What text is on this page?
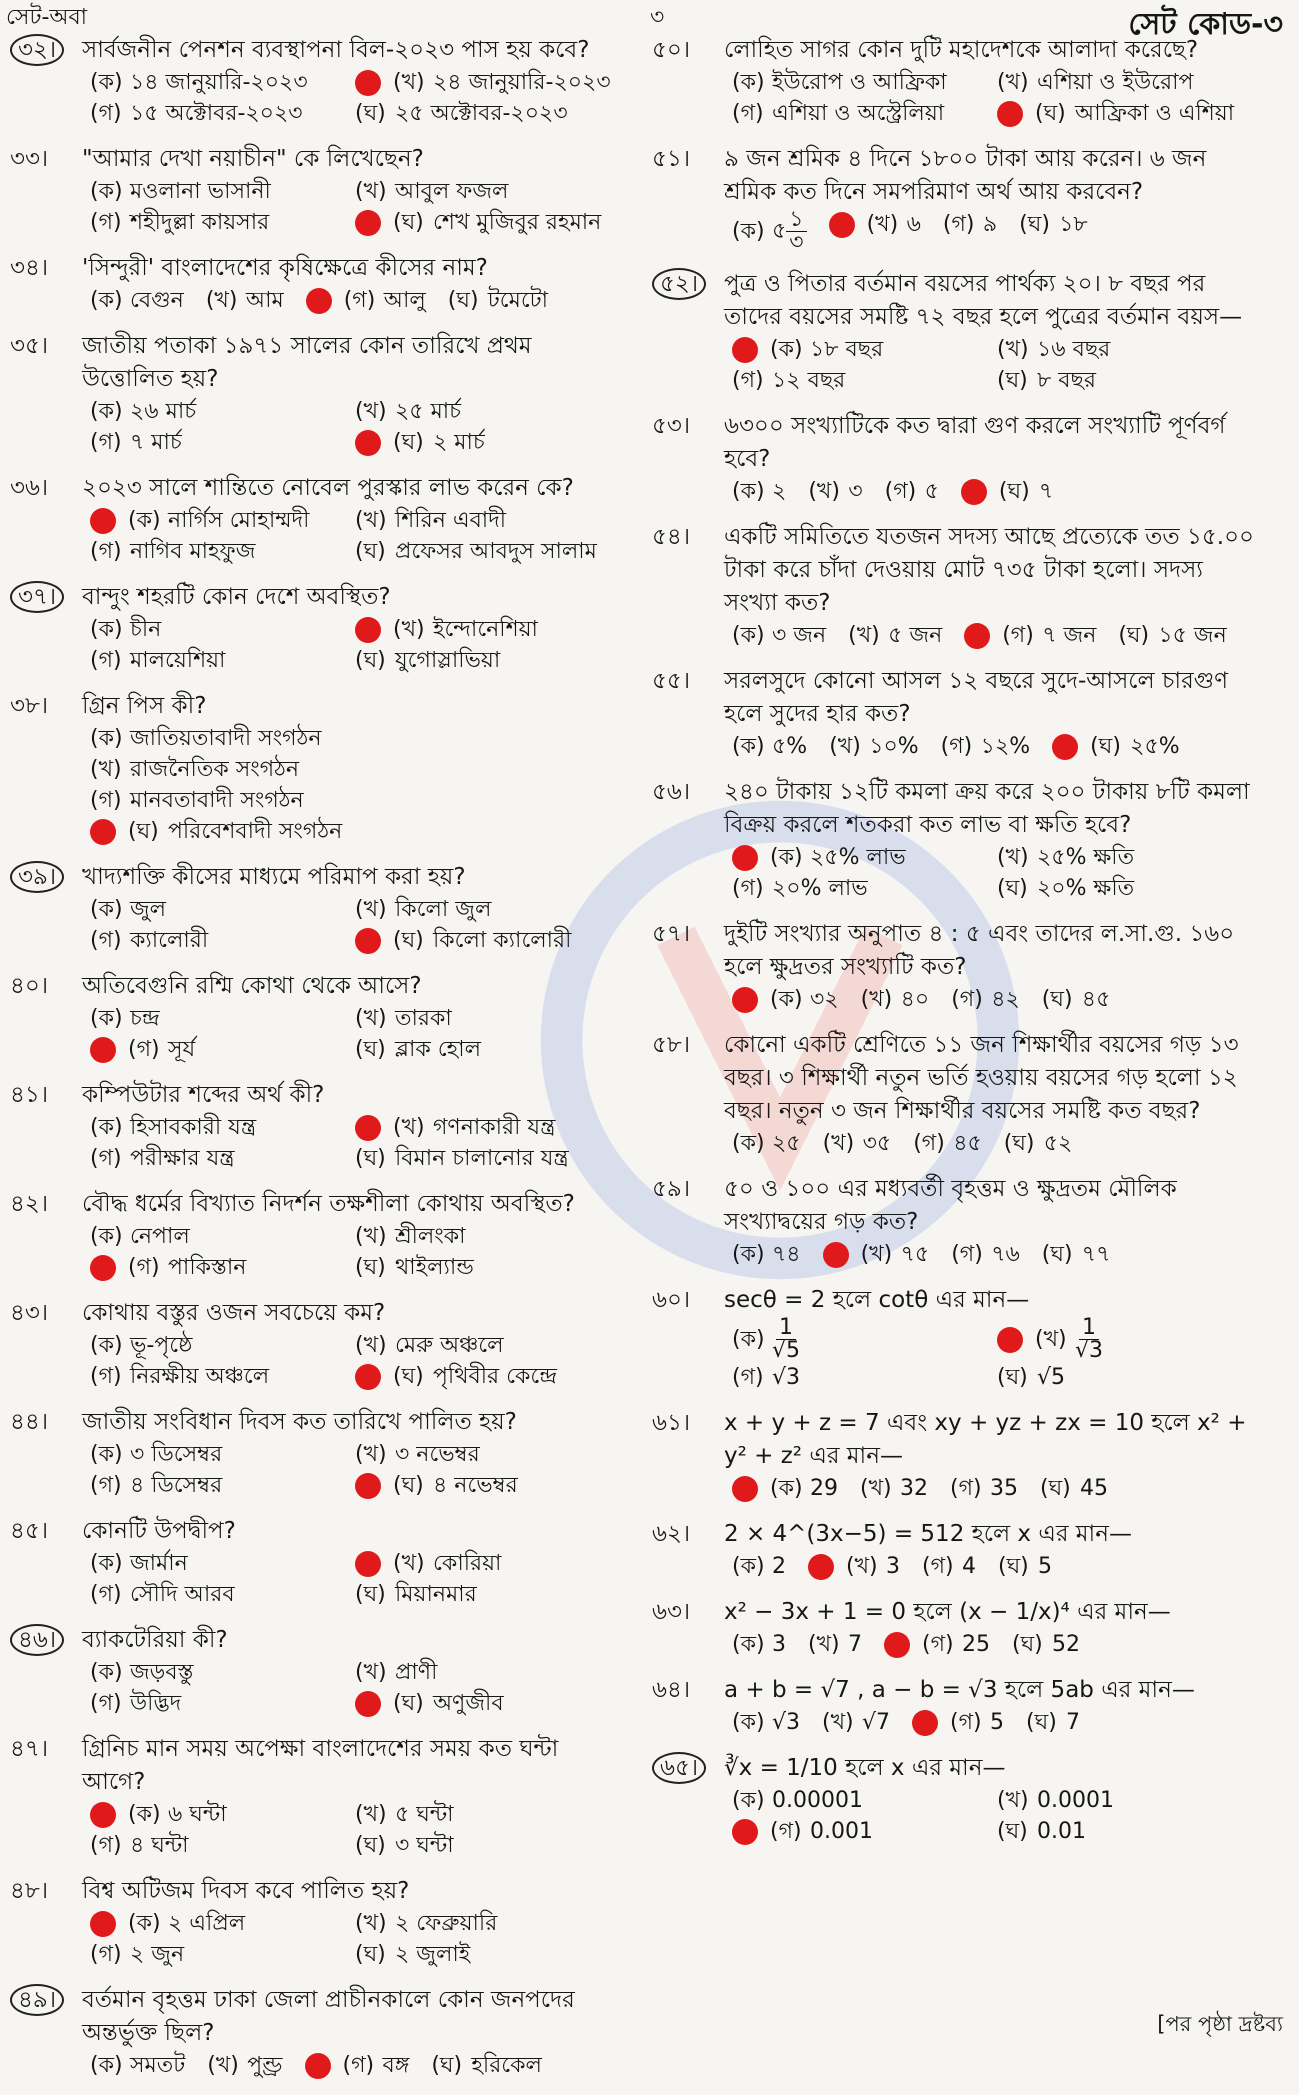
সেট-অবা	৩	সেট কোড-৩
৩২।	সার্বজনীন পেনশন ব্যবস্থাপনা বিল-২০২৩ পাস হয় কবে?
(ক) ১৪ জানুয়ারি-২০২৩	(খ) ২৪ জানুয়ারি-২০২৩
(গ) ১৫ অক্টোবর-২০২৩	(ঘ) ২৫ অক্টোবর-২০২৩
৩৩।	"আমার দেখা নয়াচীন" কে লিখেছেন?
(ক) মওলানা ভাসানী	(খ) আবুল ফজল
(গ) শহীদুল্লা কায়সার	(ঘ) শেখ মুজিবুর রহমান
৩৪।	'সিন্দুরী' বাংলাদেশের কৃষিক্ষেত্রে কীসের নাম?
(ক) বেগুন (খ) আম	(গ) আলু (ঘ) টমেটো
৩৫।	জাতীয় পতাকা ১৯৭১ সালের কোন তারিখে প্রথম উত্তোলিত হয়?
(ক) ২৬ মার্চ	(খ) ২৫ মার্চ
(গ) ৭ মার্চ	(ঘ) ২ মার্চ
৩৬।	২০২৩ সালে শান্তিতে নোবেল পুরস্কার লাভ করেন কে?
(ক) নার্গিস মোহাম্মদী	(খ) শিরিন এবাদী
(গ) নাগিব মাহফুজ	(ঘ) প্রফেসর আবদুস সালাম
৩৭।	বান্দুং শহরটি কোন দেশে অবস্থিত?
(ক) চীন	(খ) ইন্দোনেশিয়া
(গ) মালয়েশিয়া	(ঘ) যুগোস্লাভিয়া
৩৮।	গ্রিন পিস কী?
(ক) জাতিয়তাবাদী সংগঠন
(খ) রাজনৈতিক সংগঠন
(গ) মানবতাবাদী সংগঠন
(ঘ) পরিবেশবাদী সংগঠন
৩৯।	খাদ্যশক্তি কীসের মাধ্যমে পরিমাপ করা হয়?
(ক) জুল	(খ) কিলো জুল
(গ) ক্যালোরী	(ঘ) কিলো ক্যালোরী
৪০।	অতিবেগুনি রশ্মি কোথা থেকে আসে?
(ক) চন্দ্র	(খ) তারকা
(গ) সূর্য	(ঘ) ব্লাক হোল
৪১।	কম্পিউটার শব্দের অর্থ কী?
(ক) হিসাবকারী যন্ত্র	(খ) গণনাকারী যন্ত্র
(গ) পরীক্ষার যন্ত্র	(ঘ) বিমান চালানোর যন্ত্র
৪২।	বৌদ্ধ ধর্মের বিখ্যাত নিদর্শন তক্ষশীলা কোথায় অবস্থিত?
(ক) নেপাল	(খ) শ্রীলংকা
(গ) পাকিস্তান	(ঘ) থাইল্যান্ড
৪৩।	কোথায় বস্তুর ওজন সবচেয়ে কম?
(ক) ভূ-পৃষ্ঠে	(খ) মেরু অঞ্চলে
(গ) নিরক্ষীয় অঞ্চলে	(ঘ) পৃথিবীর কেন্দ্রে
৪৪।	জাতীয় সংবিধান দিবস কত তারিখে পালিত হয়?
(ক) ৩ ডিসেম্বর	(খ) ৩ নভেম্বর
(গ) ৪ ডিসেম্বর	(ঘ) ৪ নভেম্বর
৪৫।	কোনটি উপদ্বীপ?
(ক) জার্মান	(খ) কোরিয়া
(গ) সৌদি আরব	(ঘ) মিয়ানমার
৪৬।	ব্যাকটেরিয়া কী?
(ক) জড়বস্তু	(খ) প্রাণী
(গ) উদ্ভিদ	(ঘ) অণুজীব
৪৭।	গ্রিনিচ মান সময় অপেক্ষা বাংলাদেশের সময় কত ঘন্টা আগে?
(ক) ৬ ঘন্টা	(খ) ৫ ঘন্টা
(গ) ৪ ঘন্টা	(ঘ) ৩ ঘন্টা
৪৮।	বিশ্ব অটিজম দিবস কবে পালিত হয়?
(ক) ২ এপ্রিল	(খ) ২ ফেব্রুয়ারি
(গ) ২ জুন	(ঘ) ২ জুলাই
৪৯।	বর্তমান বৃহত্তম ঢাকা জেলা প্রাচীনকালে কোন জনপদের অন্তর্ভুক্ত ছিল?
(ক) সমতট (খ) পুণ্ড্র	(গ) বঙ্গ (ঘ) হরিকেল
৫০।	লোহিত সাগর কোন দুটি মহাদেশকে আলাদা করেছে?
(ক) ইউরোপ ও আফ্রিকা	(খ) এশিয়া ও ইউরোপ
(গ) এশিয়া ও অস্ট্রেলিয়া	(ঘ) আফ্রিকা ও এশিয়া
৫১।	৯ জন শ্রমিক ৪ দিনে ১৮০০ টাকা আয় করেন। ৬ জন শ্রমিক কত দিনে সমপরিমাণ অর্থ আয় করবেন?
(ক) ৫ $\frac{১}{৩}$	(খ) ৬ (গ) ৯ (ঘ) ১৮
৫২।	পুত্র ও পিতার বর্তমান বয়সের পার্থক্য ২০। ৮ বছর পর তাদের বয়সের সমষ্টি ৭২ বছর হলে পুত্রের বর্তমান বয়স—
(ক) ১৮ বছর	(খ) ১৬ বছর
(গ) ১২ বছর	(ঘ) ৮ বছর
৫৩।	৬৩০০ সংখ্যাটিকে কত দ্বারা গুণ করলে সংখ্যাটি পূর্ণবর্গ হবে?
(ক) ২ (খ) ৩ (গ) ৫	(ঘ) ৭
৫৪।	একটি সমিতিতে যতজন সদস্য আছে প্রত্যেকে তত ১৫.০০ টাকা করে চাঁদা দেওয়ায় মোট ৭৩৫ টাকা হলো। সদস্য সংখ্যা কত?
(ক) ৩ জন (খ) ৫ জন	(গ) ৭ জন (ঘ) ১৫ জন
৫৫।	সরলসুদে কোনো আসল ১২ বছরে সুদে-আসলে চারগুণ হলে সুদের হার কত?
(ক) ৫% (খ) ১০% (গ) ১২%	(ঘ) ২৫%
৫৬।	২৪০ টাকায় ১২টি কমলা ক্রয় করে ২০০ টাকায় ৮টি কমলা বিক্রয় করলে শতকরা কত লাভ বা ক্ষতি হবে?
(ক) ২৫% লাভ	(খ) ২৫% ক্ষতি
(গ) ২০% লাভ	(ঘ) ২০% ক্ষতি
৫৭।	দুইটি সংখ্যার অনুপাত ৪ : ৫ এবং তাদের ল.সা.গু. ১৬০ হলে ক্ষুদ্রতর সংখ্যাটি কত?
(ক) ৩২ (খ) ৪০ (গ) ৪২ (ঘ) ৪৫
৫৮।	কোনো একটি শ্রেণিতে ১১ জন শিক্ষার্থীর বয়সের গড় ১৩ বছর। ৩ শিক্ষার্থী নতুন ভর্তি হওয়ায় বয়সের গড় হলো ১২ বছর। নতুন ৩ জন শিক্ষার্থীর বয়সের সমষ্টি কত বছর?
(ক) ২৫ (খ) ৩৫ (গ) ৪৫ (ঘ) ৫২
৫৯।	৫০ ও ১০০ এর মধ্যবর্তী বৃহত্তম ও ক্ষুদ্রতম মৌলিক সংখ্যাদ্বয়ের গড় কত?
(ক) ৭৪	(খ) ৭৫ (গ) ৭৬ (ঘ) ৭৭
৬০।	secθ = 2 হলে cotθ এর মান—
(ক) $\frac{1}{√5}$	(খ) $\frac{1}{√3}$
(গ) √3	(ঘ) √5
৬১।	x + y + z = 7 এবং xy + yz + zx = 10 হলে x² + y² + z² এর মান—
(ক) 29 (খ) 32 (গ) 35 (ঘ) 45
৬২।	2 × 4^(3x−5) = 512 হলে x এর মান—
(ক) 2	(খ) 3 (গ) 4 (ঘ) 5
৬৩।	x² − 3x + 1 = 0 হলে (x − 1/x)⁴ এর মান—
(ক) 3 (খ) 7	(গ) 25 (ঘ) 52
৬৪।	a + b = √7 , a − b = √3 হলে 5ab এর মান—
(ক) √3 (খ) √7	(গ) 5 (ঘ) 7
৬৫।	∛x = 1/10 হলে x এর মান—
(ক) 0.00001	(খ) 0.0001
(গ) 0.001	(ঘ) 0.01
[পর পৃষ্ঠা দ্রষ্টব্য
